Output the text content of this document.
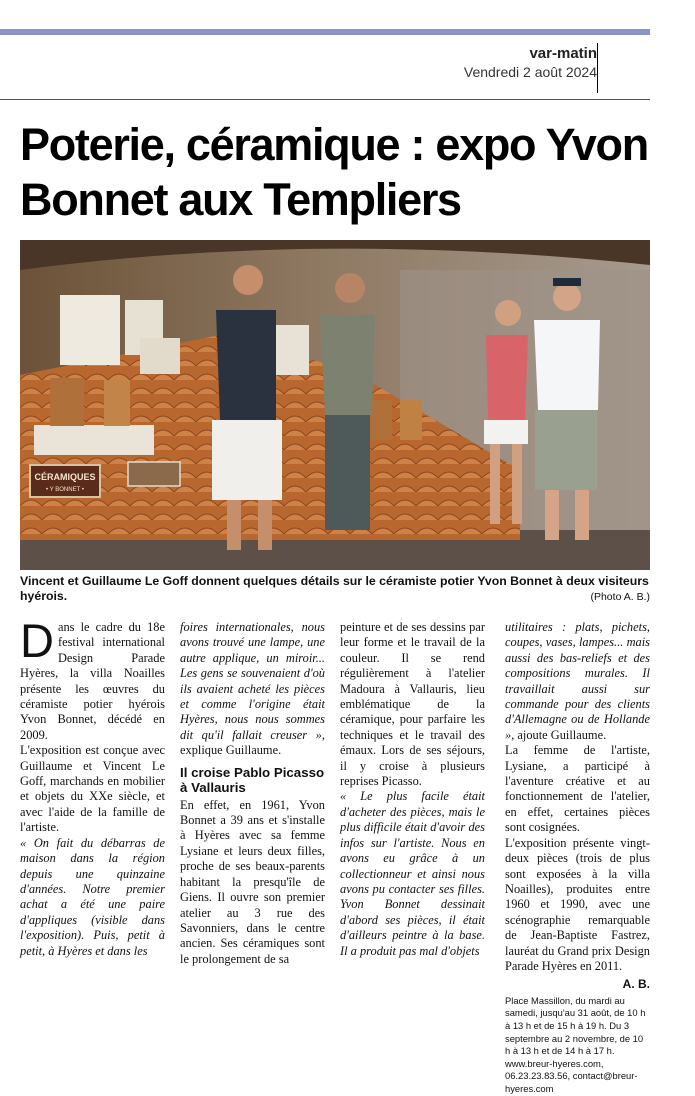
var-matin
Vendredi 2 août 2024
Poterie, céramique : expo Yvon Bonnet aux Templiers
CÉRAMIQUES
• Y BONNET •
Vincent et Guillaume Le Goff donnent quelques détails sur le céramiste potier Yvon Bonnet à deux visiteurs hyérois.	(Photo A. B.)

Dans le cadre du 18e festival international Design Parade Hyères, la villa Noailles présente les œuvres du céramiste potier hyérois Yvon Bonnet, décédé en 2009.

L'exposition est conçue avec Guillaume et Vincent Le Goff, marchands en mobilier et objets du XXe siècle, et avec l'aide de la famille de l'artiste.

« On fait du débarras de maison dans la région depuis une quinzaine d'années. Notre premier achat a été une paire d'appliques (visible dans l'exposition). Puis, petit à petit, à Hyères et dans les

foires internationales, nous avons trouvé une lampe, une autre applique, un miroir... Les gens se souvenaient d'où ils avaient acheté les pièces et comme l'origine était Hyères, nous nous sommes dit qu'il fallait creuser », explique Guillaume.

Il croise Pablo Picasso à Vallauris

En effet, en 1961, Yvon Bonnet a 39 ans et s'installe à Hyères avec sa femme Lysiane et leurs deux filles, proche de ses beaux-parents habitant la presqu'île de Giens. Il ouvre son premier atelier au 3 rue des Savonniers, dans le centre ancien. Ses céramiques sont le prolongement de sa

peinture et de ses dessins par leur forme et le travail de la couleur. Il se rend régulièrement à l'atelier Madoura à Vallauris, lieu emblématique de la céramique, pour parfaire les techniques et le travail des émaux. Lors de ses séjours, il y croise à plusieurs reprises Picasso.

« Le plus facile était d'acheter des pièces, mais le plus difficile était d'avoir des infos sur l'artiste. Nous en avons eu grâce à un collectionneur et ainsi nous avons pu contacter ses filles. Yvon Bonnet dessinait d'abord ses pièces, il était d'ailleurs peintre à la base. Il a produit pas mal d'objets

utilitaires : plats, pichets, coupes, vases, lampes... mais aussi des bas-reliefs et des compositions murales. Il travaillait aussi sur commande pour des clients d'Allemagne ou de Hollande », ajoute Guillaume.

La femme de l'artiste, Lysiane, a participé à l'aventure créative et au fonctionnement de l'atelier, en effet, certaines pièces sont cosignées.

L'exposition présente vingt-deux pièces (trois de plus sont exposées à la villa Noailles), produites entre 1960 et 1990, avec une scénographie remarquable de Jean-Baptiste Fastrez, lauréat du Grand prix Design Parade Hyères en 2011.

A. B.

Place Massillon, du mardi au samedi, jusqu'au 31 août, de 10 h à 13 h et de 15 h à 19 h. Du 3 septembre au 2 novembre, de 10 h à 13 h et de 14 h à 17 h. www.breur-hyeres.com, 06.23.23.83.56, contact@breur-hyeres.com
